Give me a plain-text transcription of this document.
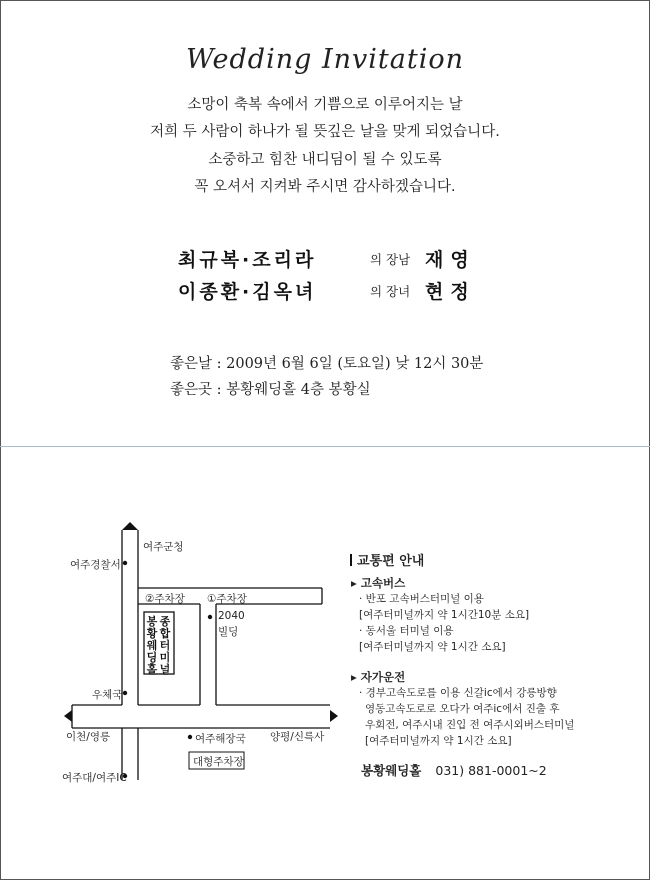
Wedding Invitation
소망이 축복 속에서 기쁨으로 이루어지는 날
저희 두 사람이 하나가 될 뜻깊은 날을 맞게 되었습니다.
소중하고 힘찬 내디딤이 될 수 있도록
꼭 오셔서 지켜봐 주시면 감사하겠습니다.
최규복·조리라	의 장남 재영
이종환·김옥녀	의 장녀 현정
좋은날 : 2009년 6월 6일 (토요일) 낮 12시 30분
좋은곳 : 봉황웨딩홀 4층 봉황실
여주군청
여주경찰서
②주차장 ①주차장
2040
빌딩
우체국
이천/영릉	양평/신륵사
여주해장국
대형주차장
여주대/여주IC
봉
황
웨
딩
홀
종
합
터
미
널
교통편 안내
▸ 고속버스
· 반포 고속버스터미널 이용
[여주터미널까지 약 1시간10분 소요]
· 동서울 터미널 이용
[여주터미널까지 약 1시간 소요]
▸ 자가운전
· 경부고속도로를 이용 신갈ic에서 강릉방향
영동고속도로로 오다가 여주ic에서 진출 후
우회전, 여주시내 진입 전 여주시외버스터미널
[여주터미널까지 약 1시간 소요]
봉황웨딩홀 031) 881-0001~2
